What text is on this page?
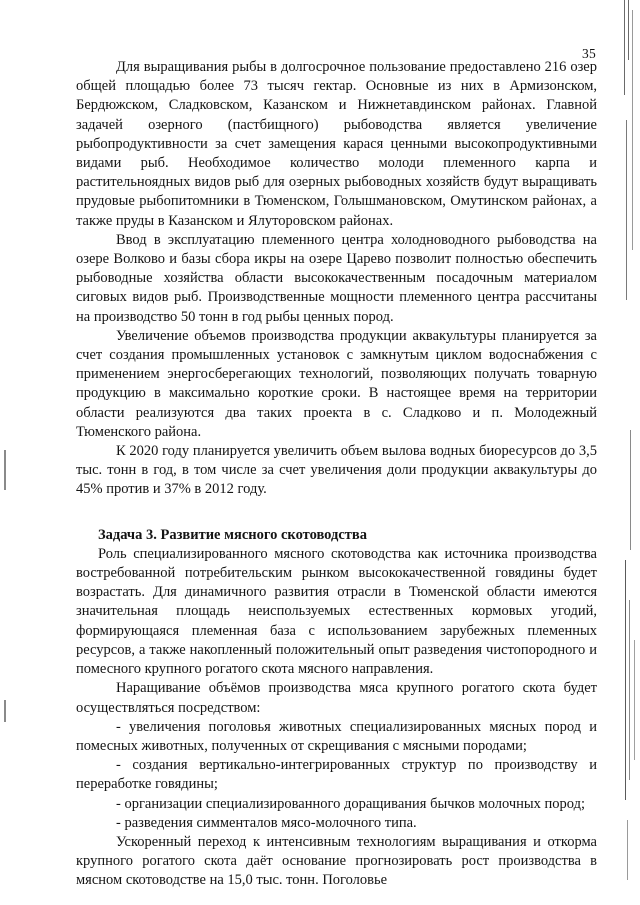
35

Для выращивания рыбы в долгосрочное пользование предоставлено 216 озер общей площадью более 73 тысяч гектар. Основные из них в Армизонском, Бердюжском, Сладковском, Казанском и Нижнетавдинском районах. Главной задачей озерного (пастбищного) рыбоводства является увеличение рыбопродуктивности за счет замещения карася ценными высокопродуктивными видами рыб. Необходимое количество молоди племенного карпа и растительноядных видов рыб для озерных рыбоводных хозяйств будут выращивать прудовые рыбопитомники в Тюменском, Голышмановском, Омутинском районах, а также пруды в Казанском и Ялуторовском районах.

Ввод в эксплуатацию племенного центра холодноводного рыбоводства на озере Волково и базы сбора икры на озере Царево позволит полностью обеспечить рыбоводные хозяйства области высококачественным посадочным материалом сиговых видов рыб. Производственные мощности племенного центра рассчитаны на производство 50 тонн в год рыбы ценных пород.

Увеличение объемов производства продукции аквакультуры планируется за счет создания промышленных установок с замкнутым циклом водоснабжения с применением энергосберегающих технологий, позволяющих получать товарную продукцию в максимально короткие сроки. В настоящее время на территории области реализуются два таких проекта в с. Сладково и п. Молодежный Тюменского района.

К 2020 году планируется увеличить объем вылова водных биоресурсов до 3,5 тыс. тонн в год, в том числе за счет увеличения доли продукции аквакультуры до 45% против и 37% в 2012 году.

Задача 3. Развитие мясного скотоводства

Роль специализированного мясного скотоводства как источника производства востребованной потребительским рынком высококачественной говядины будет возрастать. Для динамичного развития отрасли в Тюменской области имеются значительная площадь неиспользуемых естественных кормовых угодий, формирующаяся племенная база с использованием зарубежных племенных ресурсов, а также накопленный положительный опыт разведения чистопородного и помесного крупного рогатого скота мясного направления.

Наращивание объёмов производства мяса крупного рогатого скота будет осуществляться посредством:

- увеличения поголовья животных специализированных мясных пород и помесных животных, полученных от скрещивания с мясными породами;

- создания вертикально-интегрированных структур по производству и переработке говядины;

- организации специализированного доращивания бычков молочных пород;

- разведения симменталов мясо-молочного типа.

Ускоренный переход к интенсивным технологиям выращивания и откорма крупного рогатого скота даёт основание прогнозировать рост производства в мясном скотоводстве на 15,0 тыс. тонн. Поголовье
